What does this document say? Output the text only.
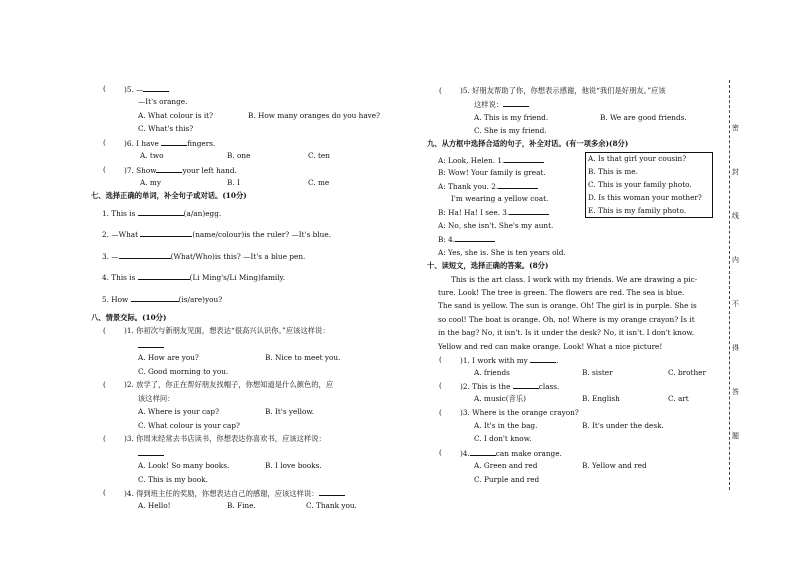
( )5. —
—It's orange.
A. What colour is it?	B. How many oranges do you have?
C. What's this?
( )6. I have	fingers.
A. two	B. one	C. ten
( )7. Show	your left hand.
A. my	B. I	C. me
七、选择正确的单词，补全句子或对话。(10分)
1. This is	(a/an)egg.
2. —What	(name/colour)is the ruler? —It's blue.
3. —	(What/Who)is this? —It's a blue pen.
4. This is	(Li Ming's/Li Ming)family.
5. How	(is/are)you?
八、情景交际。(10分)
( )1. 你初次与新朋友见面，想表达“很高兴认识你。”应该这样说：
A. How are you?	B. Nice to meet you.
C. Good morning to you.
( )2. 放学了，你正在帮好朋友找帽子，你想知道是什么颜色的，应
该这样问：
A. Where is your cap?	B. It's yellow.
C. What colour is your cap?
( )3. 你周末经常去书店读书，你想表达你喜欢书，应该这样说：
A. Look! So many books.	B. I love books.
C. This is my book.
( )4. 得到班主任的奖励，你想表达自己的感谢，应该这样说：
A. Hello!	B. Fine.	C. Thank you.
( )5. 好朋友帮助了你，你想表示感谢，他说“我们是好朋友。”应该
这样说：
A. This is my friend.	B. We are good friends.
C. She is my friend.
九、从方框中选择合适的句子，补全对话。(有一项多余)(8分)
A: Look, Helen. 1.
B: Wow! Your family is great.
A: Thank you. 2.
I'm wearing a yellow coat.
B: Ha! Ha! I see. 3.
A: No, she isn't. She's my aunt.
B: 4.
A: Yes, she is. She is ten years old.
A. Is that girl your cousin?
B. This is me.
C. This is your family photo.
D. Is this woman your mother?
E. This is my family photo.
十、读短文，选择正确的答案。(8分)
This is the art class. I work with my friends. We are drawing a pic-
ture. Look! The tree is green. The flowers are red. The sea is blue.
The sand is yellow. The sun is orange. Oh! The girl is in purple. She is
so cool! The boat is orange. Oh, no! Where is my orange crayon? Is it
in the bag? No, it isn't. Is it under the desk? No, it isn't. I don't know.
Yellow and red can make orange. Look! What a nice picture!
( )1. I work with my	.
A. friends	B. sister	C. brother
( )2. This is the	class.
A. music(音乐)	B. English	C. art
( )3. Where is the orange crayon?
A. It's in the bag.	B. It's under the desk.
C. I don't know.
( )4.	can make orange.
A. Green and red	B. Yellow and red
C. Purple and red
密
封
线
内
不
得
答
题
